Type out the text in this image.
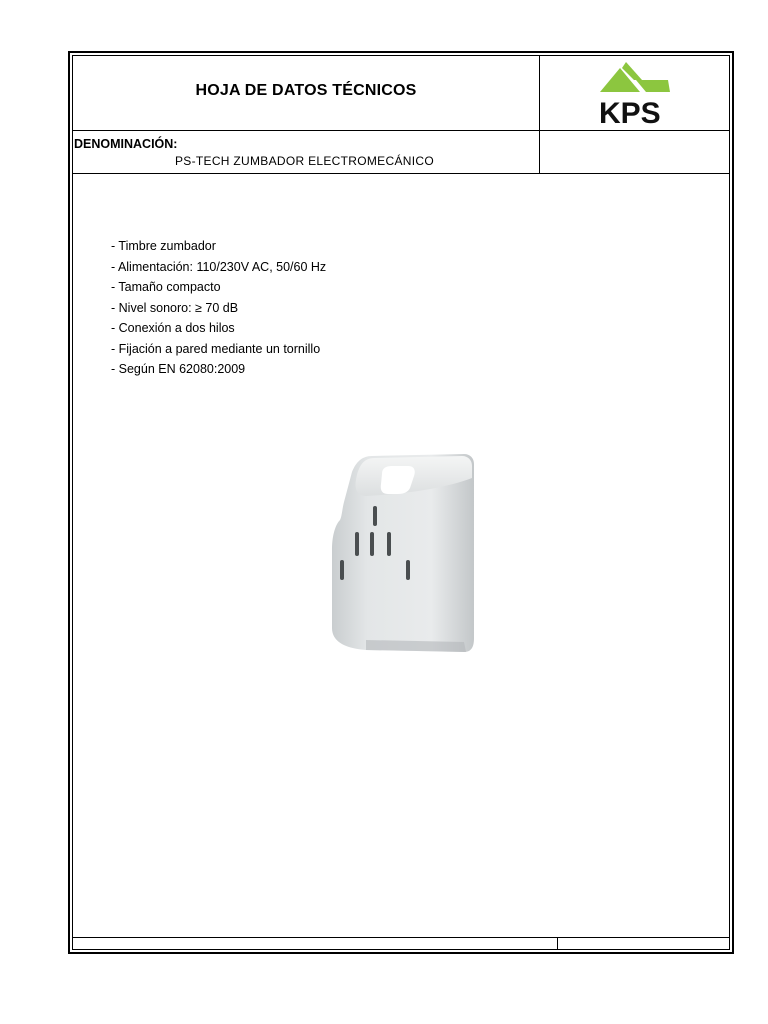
HOJA DE DATOS TÉCNICOS
KPS
DENOMINACIÓN:
PS-TECH ZUMBADOR ELECTROMECÁNICO
- Timbre zumbador
- Alimentación: 110/230V AC, 50/60 Hz
- Tamaño compacto
- Nivel sonoro: ≥ 70 dB
- Conexión a dos hilos
- Fijación a pared mediante un tornillo
- Según EN 62080:2009
